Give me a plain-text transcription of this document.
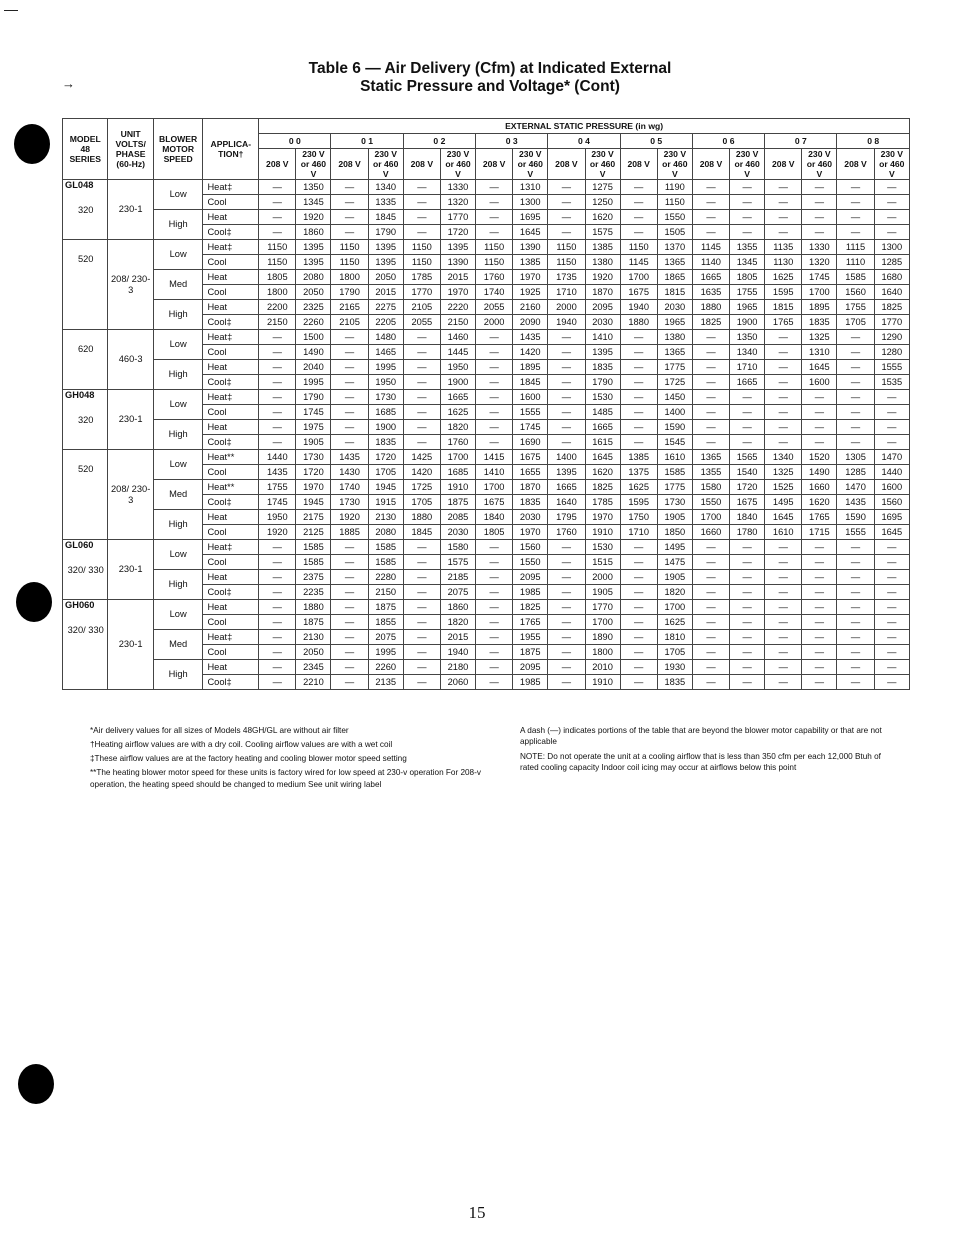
→
Table 6 — Air Delivery (Cfm) at Indicated External
Static Pressure and Voltage* (Cont)
MODEL 48 SERIES	UNIT VOLTS/ PHASE (60-Hz)	BLOWER MOTOR SPEED	APPLICA- TION†	EXTERNAL STATIC PRESSURE (in wg)																	
				0 0		0 1		0 2		0 3		0 4		0 5		0 6		0 7		0 8	
				208 V	230 V or 460 V	208 V	230 V or 460 V	208 V	230 V or 460 V	208 V	230 V or 460 V	208 V	230 V or 460 V	208 V	230 V or 460 V	208 V	230 V or 460 V	208 V	230 V or 460 V	208 V	230 V or 460 V
GL048
320	230-1	Low	Heat‡	—	1350	—	1340	—	1330	—	1310	—	1275	—	1190	—	—	—	—	—	—
			Cool	—	1345	—	1335	—	1320	—	1300	—	1250	—	1150	—	—	—	—	—	—
		High	Heat	—	1920	—	1845	—	1770	—	1695	—	1620	—	1550	—	—	—	—	—	—
			Cool‡	—	1860	—	1790	—	1720	—	1645	—	1575	—	1505	—	—	—	—	—	—

520	208/ 230-3	Low	Heat‡	1150	1395	1150	1395	1150	1395	1150	1390	1150	1385	1150	1370	1145	1355	1135	1330	1115	1300
			Cool	1150	1395	1150	1395	1150	1390	1150	1385	1150	1380	1145	1365	1140	1345	1130	1320	1110	1285
		Med	Heat	1805	2080	1800	2050	1785	2015	1760	1970	1735	1920	1700	1865	1665	1805	1625	1745	1585	1680
			Cool	1800	2050	1790	2015	1770	1970	1740	1925	1710	1870	1675	1815	1635	1755	1595	1700	1560	1640
		High	Heat	2200	2325	2165	2275	2105	2220	2055	2160	2000	2095	1940	2030	1880	1965	1815	1895	1755	1825
			Cool‡	2150	2260	2105	2205	2055	2150	2000	2090	1940	2030	1880	1965	1825	1900	1765	1835	1705	1770

620	460-3	Low	Heat‡	—	1500	—	1480	—	1460	—	1435	—	1410	—	1380	—	1350	—	1325	—	1290
			Cool	—	1490	—	1465	—	1445	—	1420	—	1395	—	1365	—	1340	—	1310	—	1280
		High	Heat	—	2040	—	1995	—	1950	—	1895	—	1835	—	1775	—	1710	—	1645	—	1555
			Cool‡	—	1995	—	1950	—	1900	—	1845	—	1790	—	1725	—	1665	—	1600	—	1535
GH048
320	230-1	Low	Heat‡	—	1790	—	1730	—	1665	—	1600	—	1530	—	1450	—	—	—	—	—	—
			Cool	—	1745	—	1685	—	1625	—	1555	—	1485	—	1400	—	—	—	—	—	—
		High	Heat	—	1975	—	1900	—	1820	—	1745	—	1665	—	1590	—	—	—	—	—	—
			Cool‡	—	1905	—	1835	—	1760	—	1690	—	1615	—	1545	—	—	—	—	—	—

520	208/ 230-3	Low	Heat**	1440	1730	1435	1720	1425	1700	1415	1675	1400	1645	1385	1610	1365	1565	1340	1520	1305	1470
			Cool	1435	1720	1430	1705	1420	1685	1410	1655	1395	1620	1375	1585	1355	1540	1325	1490	1285	1440
		Med	Heat**	1755	1970	1740	1945	1725	1910	1700	1870	1665	1825	1625	1775	1580	1720	1525	1660	1470	1600
			Cool‡	1745	1945	1730	1915	1705	1875	1675	1835	1640	1785	1595	1730	1550	1675	1495	1620	1435	1560
		High	Heat	1950	2175	1920	2130	1880	2085	1840	2030	1795	1970	1750	1905	1700	1840	1645	1765	1590	1695
			Cool	1920	2125	1885	2080	1845	2030	1805	1970	1760	1910	1710	1850	1660	1780	1610	1715	1555	1645
GL060
320/ 330	230-1	Low	Heat‡	—	1585	—	1585	—	1580	—	1560	—	1530	—	1495	—	—	—	—	—	—
			Cool	—	1585	—	1585	—	1575	—	1550	—	1515	—	1475	—	—	—	—	—	—
		High	Heat	—	2375	—	2280	—	2185	—	2095	—	2000	—	1905	—	—	—	—	—	—
			Cool‡	—	2235	—	2150	—	2075	—	1985	—	1905	—	1820	—	—	—	—	—	—
GH060
320/ 330	230-1	Low	Heat	—	1880	—	1875	—	1860	—	1825	—	1770	—	1700	—	—	—	—	—	—
			Cool	—	1875	—	1855	—	1820	—	1765	—	1700	—	1625	—	—	—	—	—	—
		Med	Heat‡	—	2130	—	2075	—	2015	—	1955	—	1890	—	1810	—	—	—	—	—	—
			Cool	—	2050	—	1995	—	1940	—	1875	—	1800	—	1705	—	—	—	—	—	—
		High	Heat	—	2345	—	2260	—	2180	—	2095	—	2010	—	1930	—	—	—	—	—	—
			Cool‡	—	2210	—	2135	—	2060	—	1985	—	1910	—	1835	—	—	—	—	—	—

*Air delivery values for all sizes of Models 48GH/GL are without air filter

†Heating airflow values are with a dry coil. Cooling airflow values are with a wet coil

‡These airflow values are at the factory heating and cooling blower motor speed setting

**The heating blower motor speed for these units is factory wired for low speed at 230-v operation For 208-v operation, the heating speed should be changed to medium See unit wiring label

A dash (—) indicates portions of the table that are beyond the blower motor capability or that are not applicable

NOTE: Do not operate the unit at a cooling airflow that is less than 350 cfm per each 12,000 Btuh of rated cooling capacity Indoor coil icing may occur at airflows below this point

15
